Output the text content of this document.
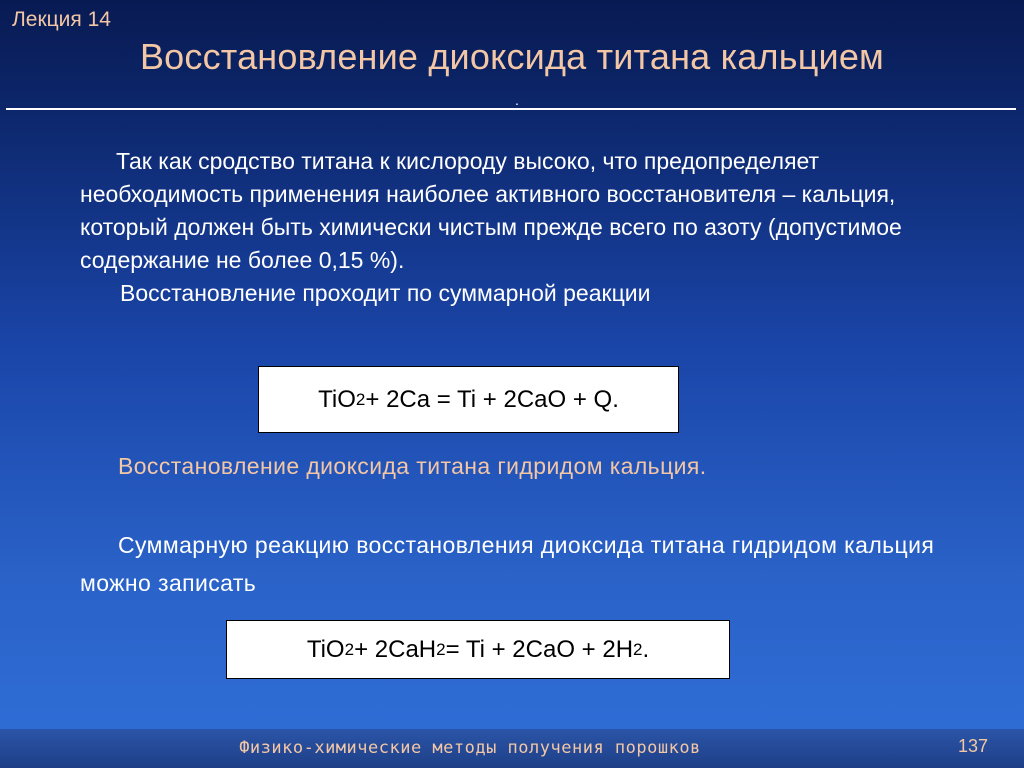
Лекция 14
Восстановление диоксида титана кальцием
.

Так как сродство титана к кислороду высоко, что предопределяет необходимость применения наиболее активного восстановителя – кальция, который должен быть химически чистым прежде всего по азоту (допустимое содержание не более 0,15 %).

Восстановление проходит по суммарной реакции

TiO 2 + 2Ca = Ti + 2CaO + Q.
Восстановление диоксида титана гидридом кальция.

Суммарную реакцию восстановления диоксида титана гидридом кальция можно записать

TiO 2 + 2CaH 2 = Ti + 2CaO + 2H 2 .
Физико-химические методы получения порошков	137
